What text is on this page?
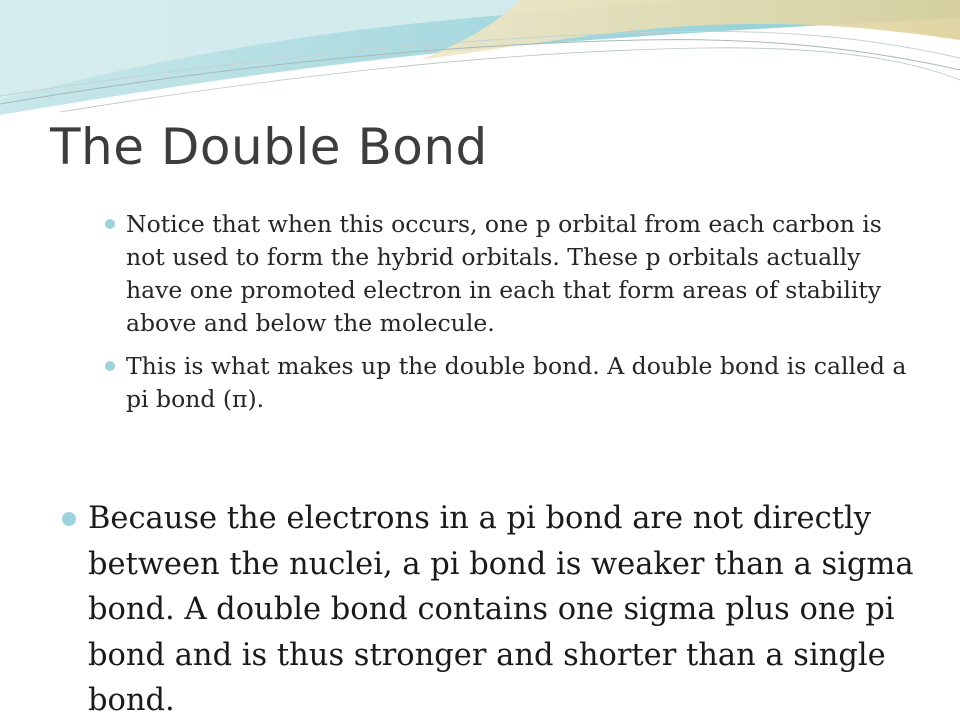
The Double Bond
Notice that when this occurs, one p orbital from each carbon is not used to form the hybrid orbitals. These p orbitals actually have one promoted electron in each that form areas of stability above and below the molecule.
This is what makes up the double bond. A double bond is called a pi bond (π).
Because the electrons in a pi bond are not directly between the nuclei, a pi bond is weaker than a sigma bond. A double bond contains one sigma plus one pi bond and is thus stronger and shorter than a single bond.
